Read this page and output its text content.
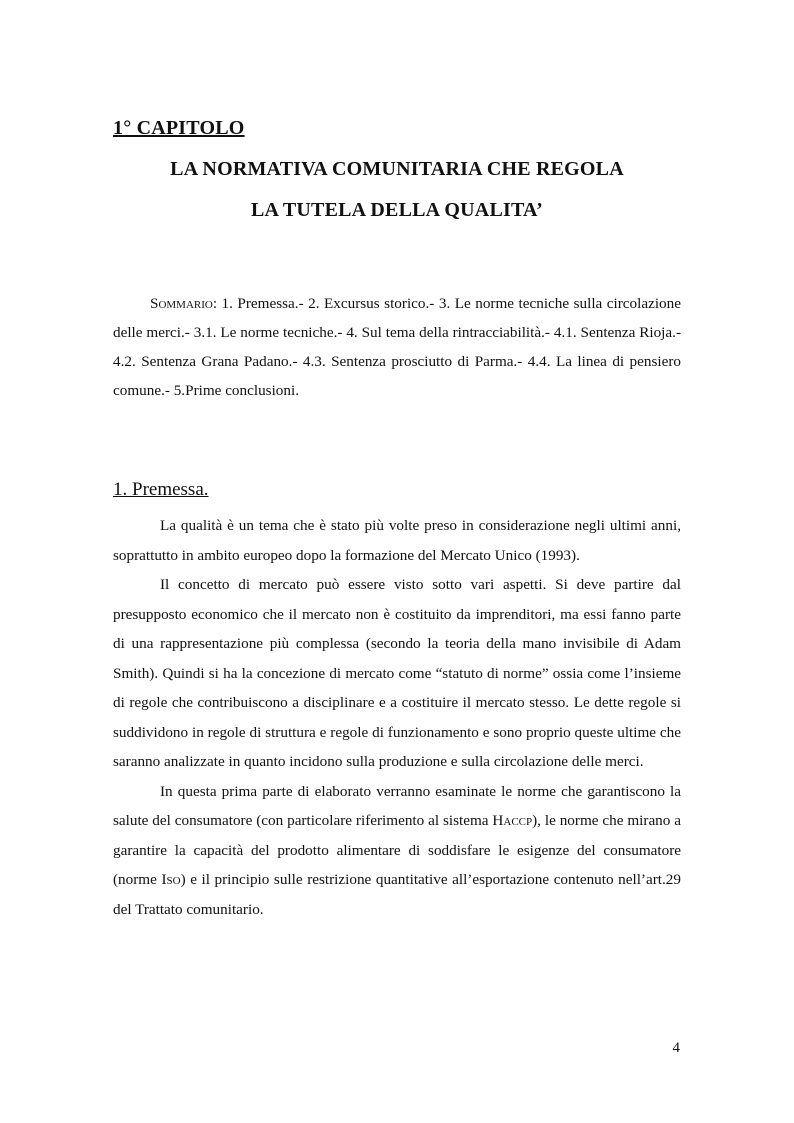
1° CAPITOLO
LA NORMATIVA COMUNITARIA CHE REGOLA
LA TUTELA DELLA QUALITA’

Sommario: 1. Premessa.- 2. Excursus storico.- 3. Le norme tecniche sulla circolazione delle merci.- 3.1. Le norme tecniche.- 4. Sul tema della rintracciabilità.- 4.1. Sentenza Rioja.- 4.2. Sentenza Grana Padano.- 4.3. Sentenza prosciutto di Parma.- 4.4. La linea di pensiero comune.- 5.Prime conclusioni.

1. Premessa.

La qualità è un tema che è stato più volte preso in considerazione negli ultimi anni, soprattutto in ambito europeo dopo la formazione del Mercato Unico (1993).

Il concetto di mercato può essere visto sotto vari aspetti. Si deve partire dal presupposto economico che il mercato non è costituito da imprenditori, ma essi fanno parte di una rappresentazione più complessa (secondo la teoria della mano invisibile di Adam Smith). Quindi si ha la concezione di mercato come “statuto di norme” ossia come l’insieme di regole che contribuiscono a disciplinare e a costituire il mercato stesso. Le dette regole si suddividono in regole di struttura e regole di funzionamento e sono proprio queste ultime che saranno analizzate in quanto incidono sulla produzione e sulla circolazione delle merci.

In questa prima parte di elaborato verranno esaminate le norme che garantiscono la salute del consumatore (con particolare riferimento al sistema Haccp), le norme che mirano a garantire la capacità del prodotto alimentare di soddisfare le esigenze del consumatore (norme Iso) e il principio sulle restrizione quantitative all’esportazione contenuto nell’art.29 del Trattato comunitario.

4
